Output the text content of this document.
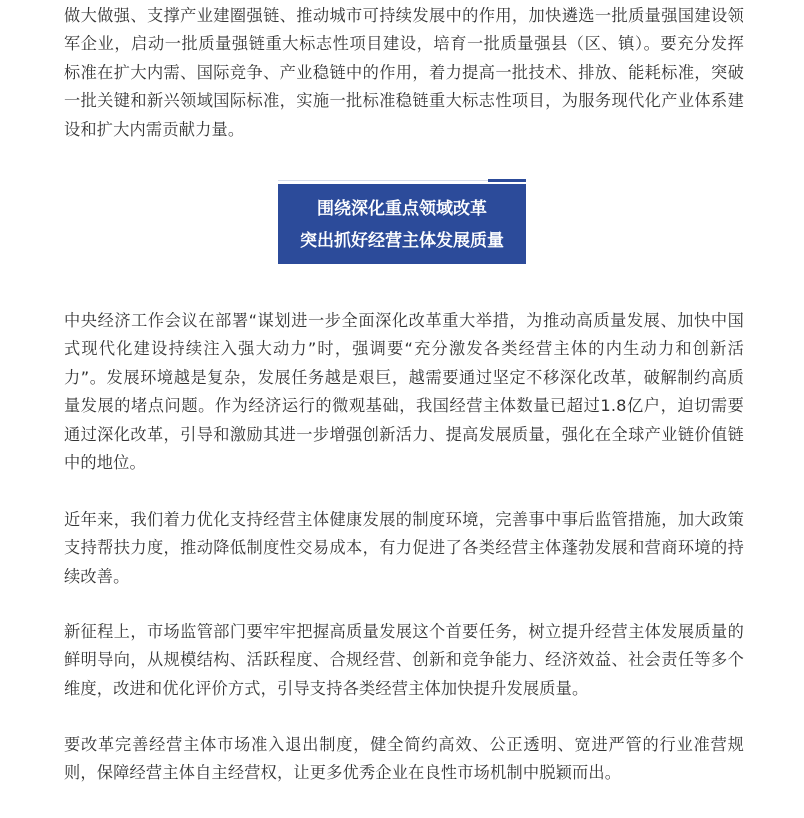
做大做强、支撑产业建圈强链、推动城市可持续发展中的作用，加快遴选一批质量强国建设领军企业，启动一批质量强链重大标志性项目建设，培育一批质量强县（区、镇）。要充分发挥标准在扩大内需、国际竞争、产业稳链中的作用，着力提高一批技术、排放、能耗标准，突破一批关键和新兴领域国际标准，实施一批标准稳链重大标志性项目，为服务现代化产业体系建设和扩大内需贡献力量。

围绕深化重点领域改革
突出抓好经营主体发展质量

中央经济工作会议在部署“谋划进一步全面深化改革重大举措，为推动高质量发展、加快中国式现代化建设持续注入强大动力”时，强调要“充分激发各类经营主体的内生动力和创新活力”。发展环境越是复杂，发展任务越是艰巨，越需要通过坚定不移深化改革，破解制约高质量发展的堵点问题。作为经济运行的微观基础，我国经营主体数量已超过1.8亿户，迫切需要通过深化改革，引导和激励其进一步增强创新活力、提高发展质量，强化在全球产业链价值链中的地位。

近年来，我们着力优化支持经营主体健康发展的制度环境，完善事中事后监管措施，加大政策支持帮扶力度，推动降低制度性交易成本，有力促进了各类经营主体蓬勃发展和营商环境的持续改善。

新征程上，市场监管部门要牢牢把握高质量发展这个首要任务，树立提升经营主体发展质量的鲜明导向，从规模结构、活跃程度、合规经营、创新和竞争能力、经济效益、社会责任等多个维度，改进和优化评价方式，引导支持各类经营主体加快提升发展质量。

要改革完善经营主体市场准入退出制度，健全简约高效、公正透明、宽进严管的行业准营规则，保障经营主体自主经营权，让更多优秀企业在良性市场机制中脱颖而出。
